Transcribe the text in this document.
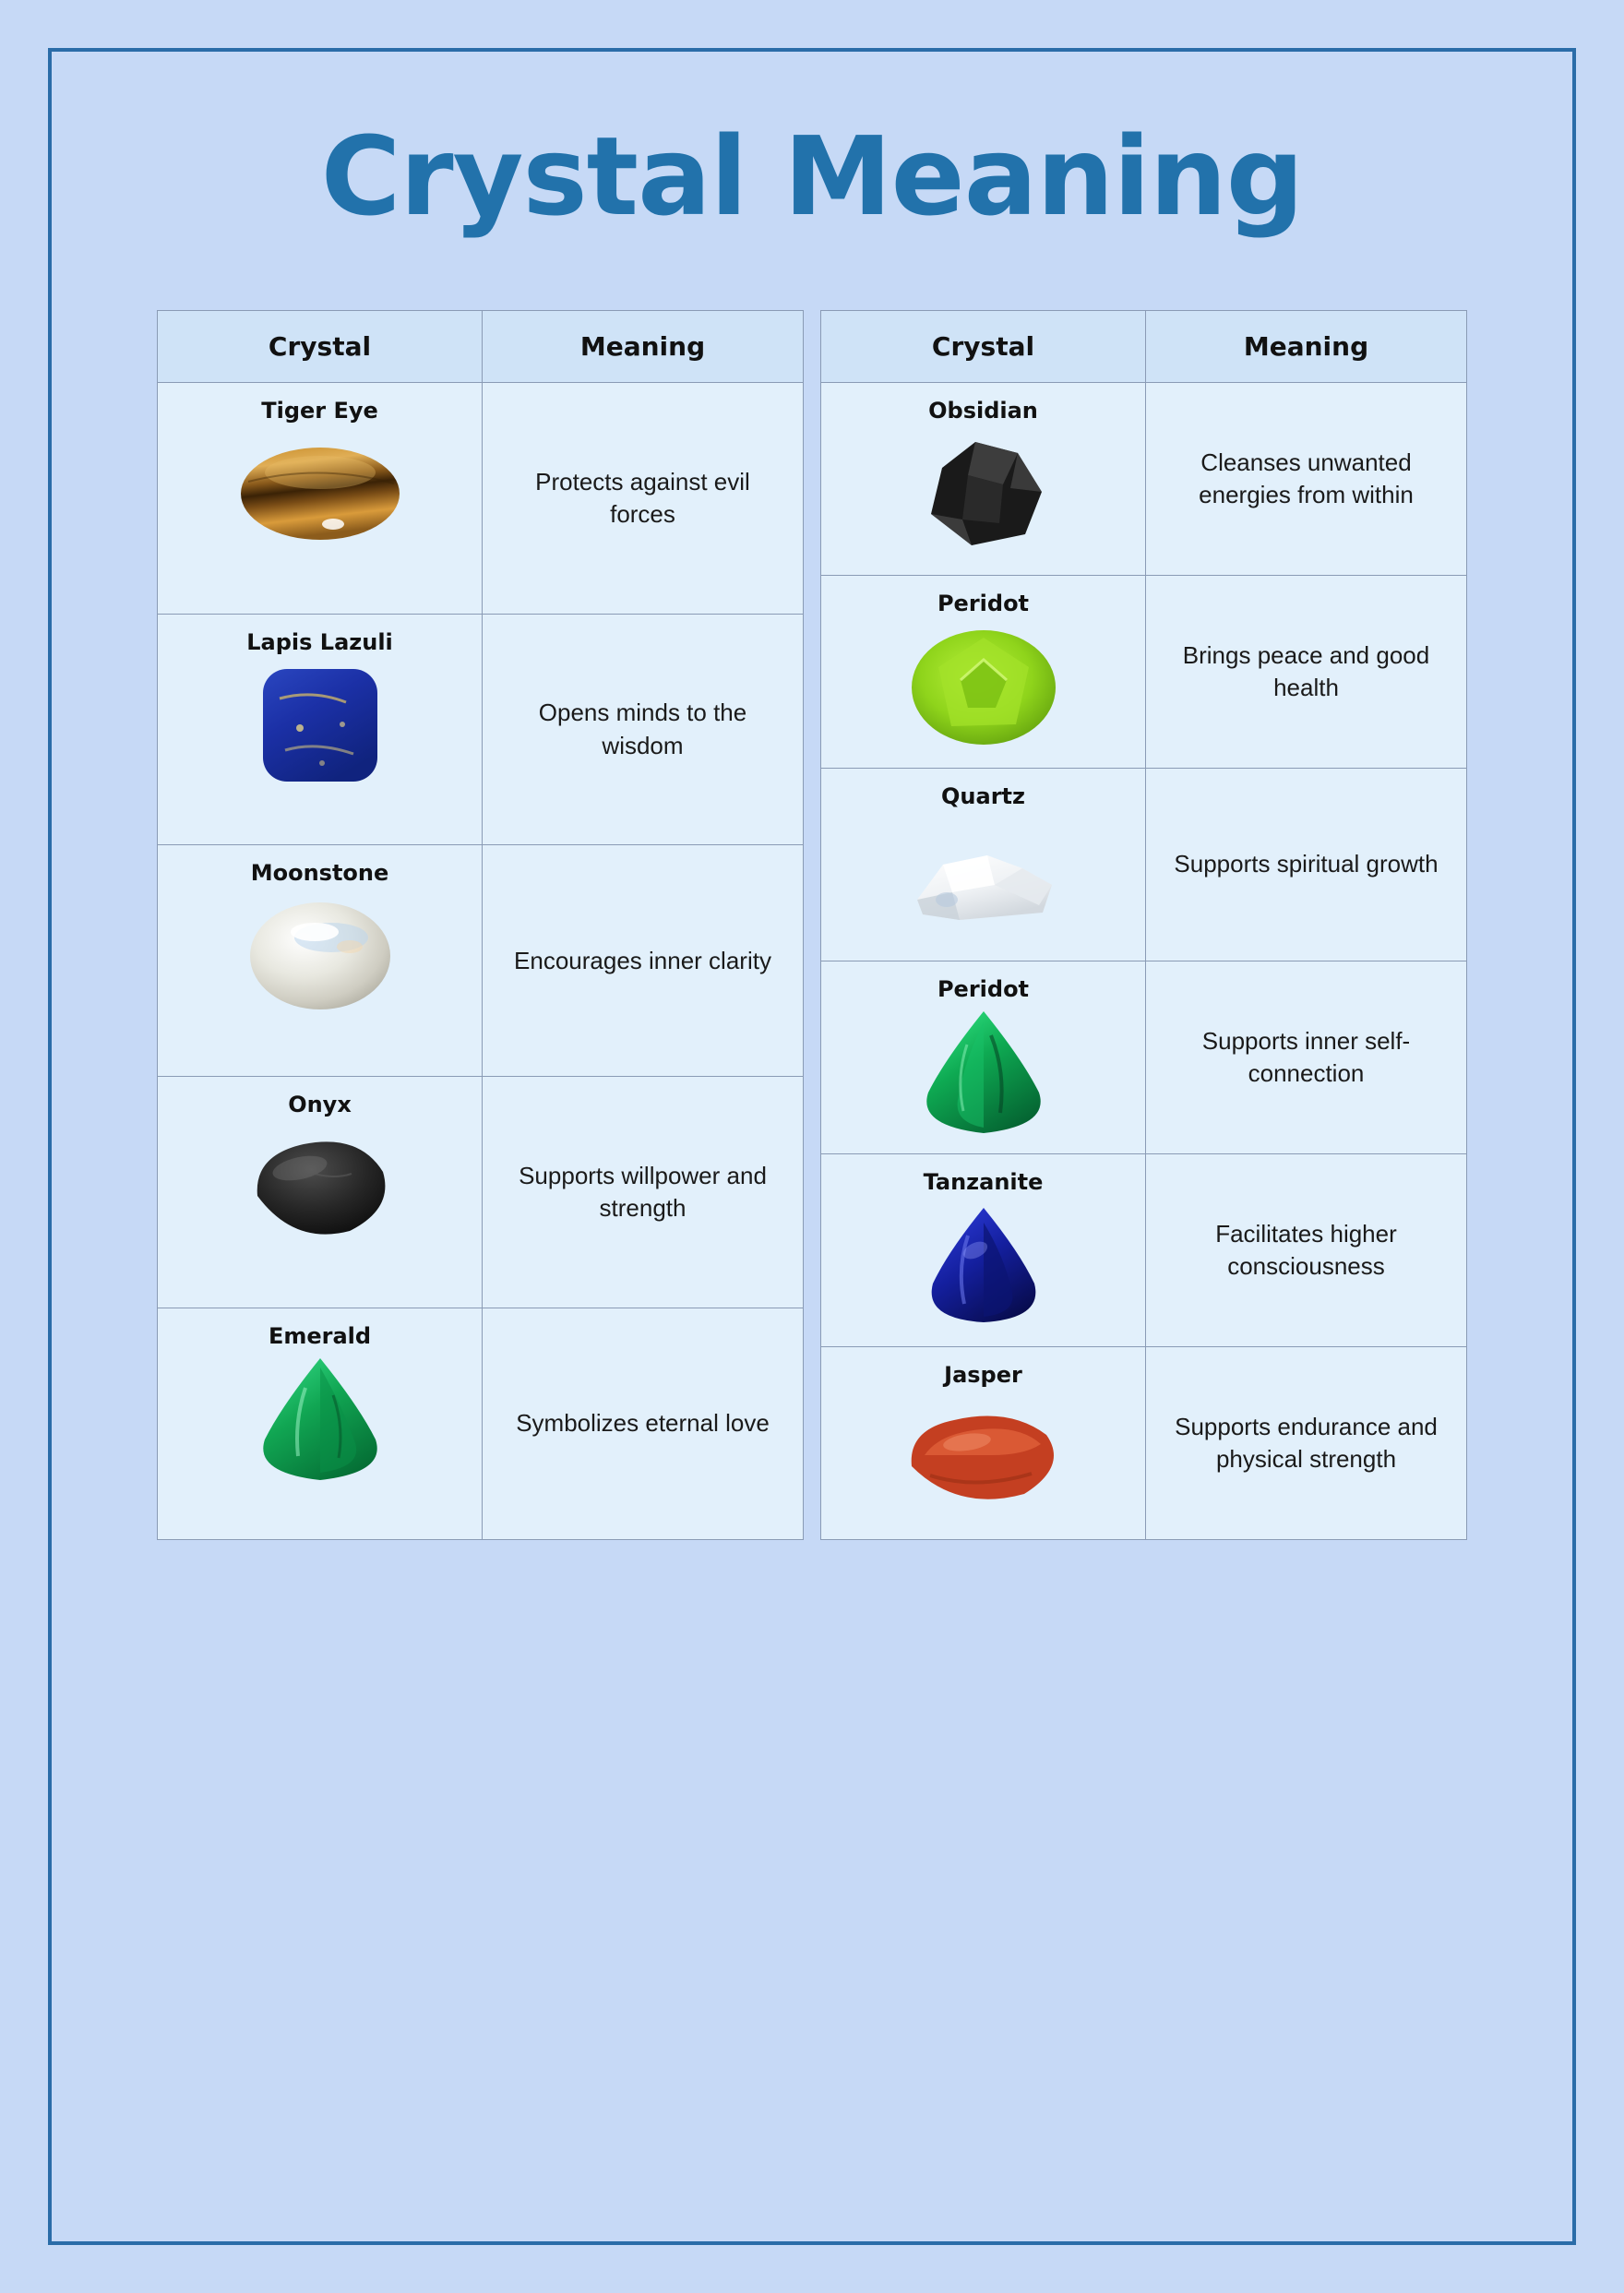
Crystal Meaning
Crystal	Meaning

Tiger Eye	Protects against evil forces

Lapis Lazuli	Opens minds to the wisdom

Moonstone	Encourages inner clarity

Onyx	Supports willpower and strength

Emerald	Symbolizes eternal love
Crystal	Meaning

Obsidian	Cleanses unwanted energies from within

Peridot	Brings peace and good health

Quartz	Supports spiritual growth

Peridot	Supports inner self-connection

Tanzanite	Facilitates higher consciousness

Jasper	Supports endurance and physical strength
